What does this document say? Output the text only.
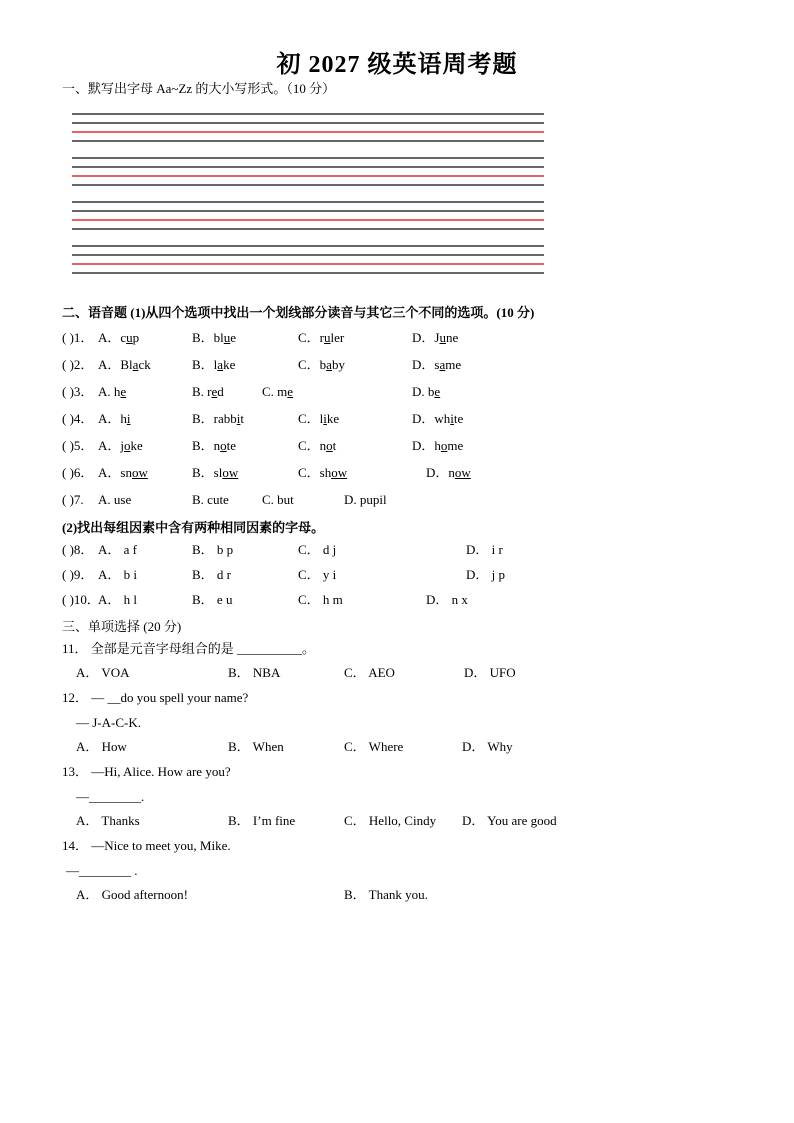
初 2027 级英语周考题
一、默写出字母 Aa~Zz 的大小写形式。（10 分）
二、语音题 (1)从四个选项中找出一个划线部分读音与其它三个不同的选项。(10 分)
( )1． A．cup	B．blue	C．ruler	D．June
( )2． A．Black	B．lake	C．baby	D．same
( )3． A. he	B. red	C. me	D. be
( )4． A．hi	B．rabbit	C．like	D．white
( )5． A．joke	B．note	C．not	D．home
( )6． A．snow	B．slow	C．show	D．now
( )7. A. use	B. cute	C. but	D. pupil
(2)找出每组因素中含有两种相同因素的字母。
( )8． A． a f	B． b p	C． d j	D． i r
( )9． A． b i	B． d r	C． y i	D． j p
( )10．
A． h l	B． e u	C． h m	D． n x
三、单项选择 (20 分)
11． 全部是元音字母组合的是 __________。
A． VOA	B． NBA	C． AEO	D． UFO
12． — __do you spell your name?
— J-A-C-K.
A． How	B． When	C． Where	D． Why
13． —Hi, Alice. How are you?
—________.
A． Thanks	B． I’m fine	C． Hello, Cindy D． You are good
14． —Nice to meet you, Mike.
—________ .
A． Good afternoon!	B． Thank you.
